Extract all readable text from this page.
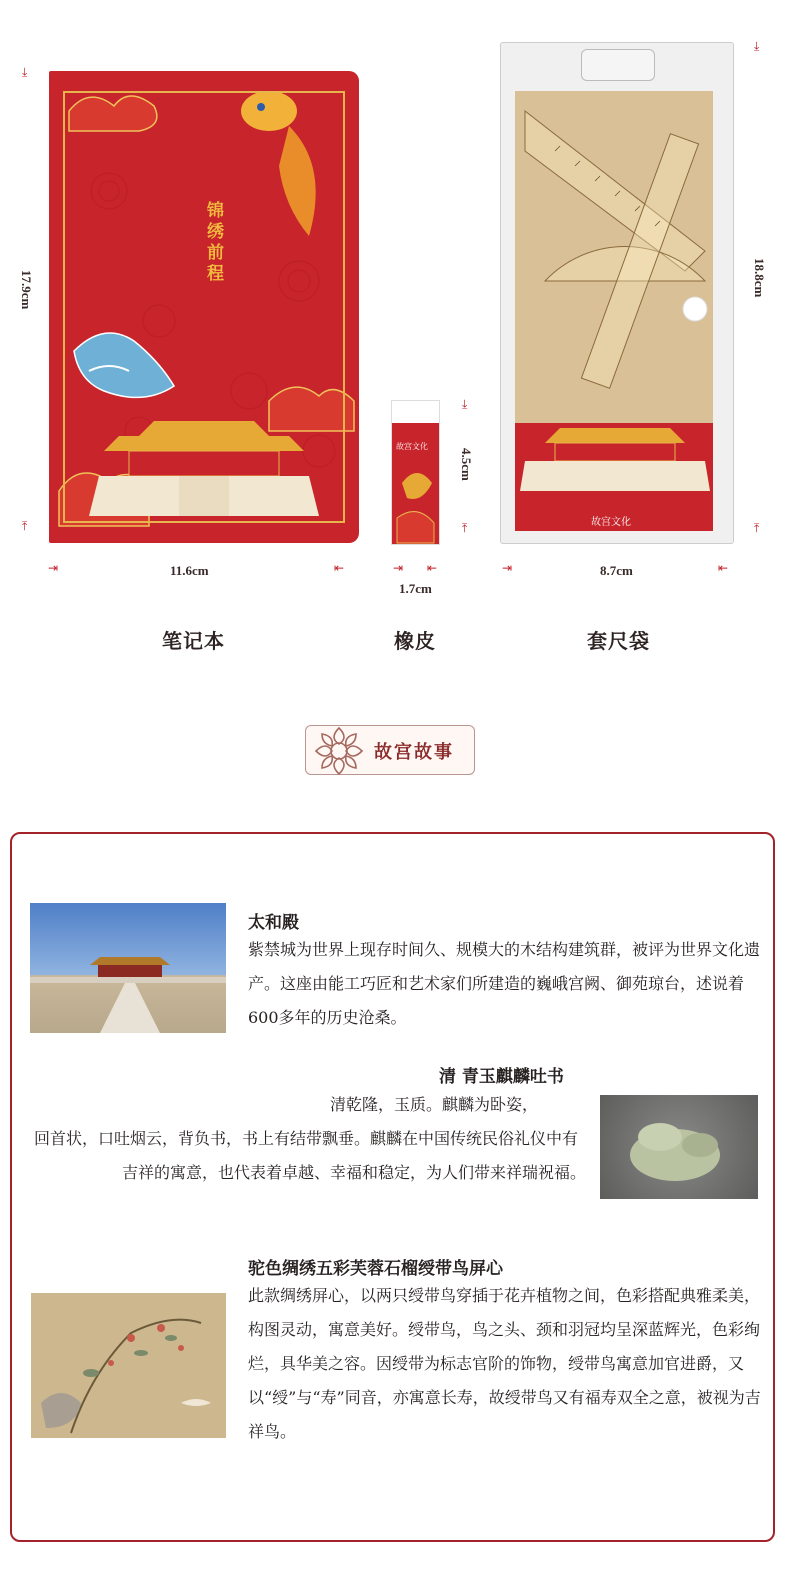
锦绣前程
故宫文化
故宫文化
⤓
⤒
17.9cm
⇥	⇤
11.6cm
⤓
⤒
4.5cm
⇥ ⇤
1.7cm
⤓
⤒
18.8cm
⇥	⇤
8.7cm
笔记本	橡皮	套尺袋
故宫故事
太和殿
紫禁城为世界上现存时间久、规模大的木结构建筑群，被评为世界文化遗产。这座由能工巧匠和艺术家们所建造的巍峨宫阙、御苑琼台，述说着600多年的历史沧桑。
清 青玉麒麟吐书
清乾隆，玉质。麒麟为卧姿，
回首状，口吐烟云，背负书，书上有结带飘垂。麒麟在中国传统民俗礼仪中有吉祥的寓意，也代表着卓越、幸福和稳定，为人们带来祥瑞祝福。
驼色绸绣五彩芙蓉石榴绶带鸟屏心
此款绸绣屏心，以两只绶带鸟穿插于花卉植物之间，色彩搭配典雅柔美，构图灵动，寓意美好。绶带鸟，鸟之头、颈和羽冠均呈深蓝辉光，色彩绚烂，具华美之容。因绶带为标志官阶的饰物，绶带鸟寓意加官进爵，又以“绶”与“寿”同音，亦寓意长寿，故绶带鸟又有福寿双全之意，被视为吉祥鸟。
